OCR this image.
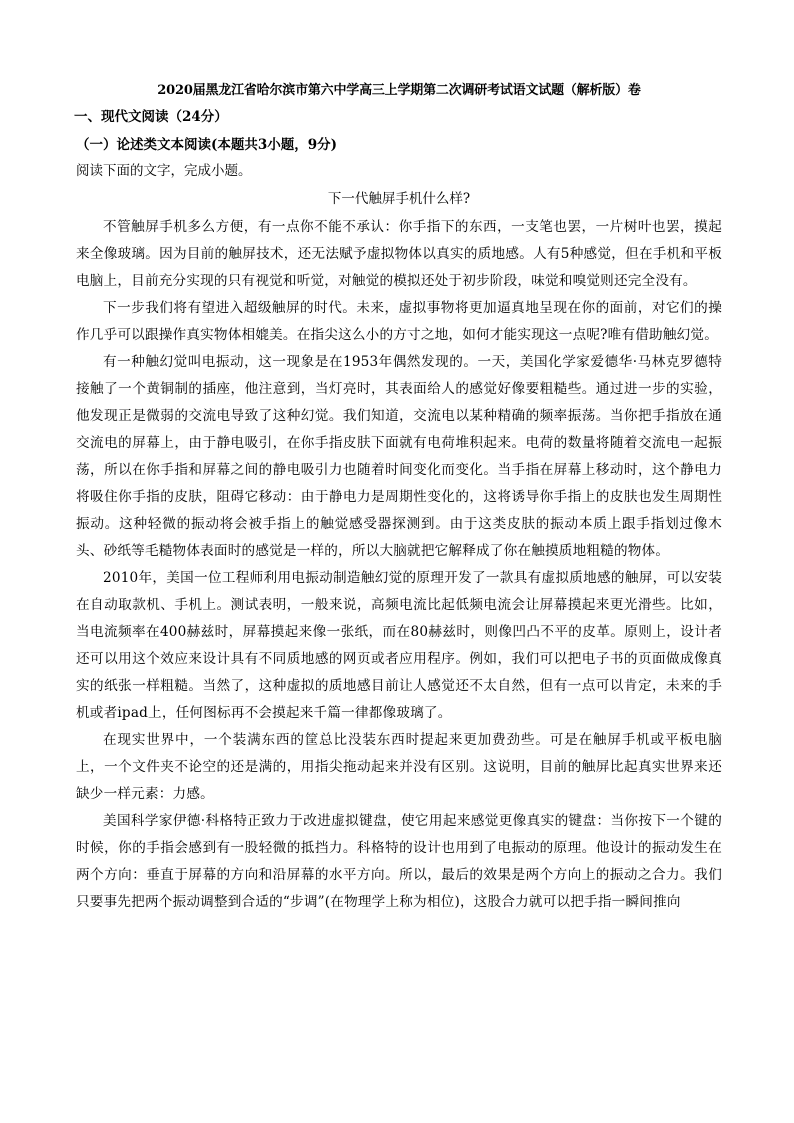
2020届黑龙江省哈尔滨市第六中学高三上学期第二次调研考试语文试题（解析版）卷
一、现代文阅读（24分）
（一）论述类文本阅读(本题共3小题，9分)
阅读下面的文字，完成小题。
下一代触屏手机什么样?

不管触屏手机多么方便，有一点你不能不承认：你手指下的东西，一支笔也罢，一片树叶也罢，摸起来全像玻璃。因为目前的触屏技术，还无法赋予虚拟物体以真实的质地感。人有5种感觉，但在手机和平板电脑上，目前充分实现的只有视觉和听觉，对触觉的模拟还处于初步阶段，味觉和嗅觉则还完全没有。

下一步我们将有望进入超级触屏的时代。未来，虚拟事物将更加逼真地呈现在你的面前，对它们的操作几乎可以跟操作真实物体相媲美。在指尖这么小的方寸之地，如何才能实现这一点呢?唯有借助触幻觉。

有一种触幻觉叫电振动，这一现象是在1953年偶然发现的。一天，美国化学家爱德华·马林克罗德特接触了一个黄铜制的插座，他注意到，当灯亮时，其表面给人的感觉好像要粗糙些。通过进一步的实验，他发现正是微弱的交流电导致了这种幻觉。我们知道，交流电以某种精确的频率振荡。当你把手指放在通交流电的屏幕上，由于静电吸引，在你手指皮肤下面就有电荷堆积起来。电荷的数量将随着交流电一起振荡，所以在你手指和屏幕之间的静电吸引力也随着时间变化而变化。当手指在屏幕上移动时，这个静电力将吸住你手指的皮肤，阻碍它移动：由于静电力是周期性变化的，这将诱导你手指上的皮肤也发生周期性振动。这种轻微的振动将会被手指上的触觉感受器探测到。由于这类皮肤的振动本质上跟手指划过像木头、砂纸等毛糙物体表面时的感觉是一样的，所以大脑就把它解释成了你在触摸质地粗糙的物体。

2010年，美国一位工程师利用电振动制造触幻觉的原理开发了一款具有虚拟质地感的触屏，可以安装在自动取款机、手机上。测试表明，一般来说，高频电流比起低频电流会让屏幕摸起来更光滑些。比如，当电流频率在400赫兹时，屏幕摸起来像一张纸，而在80赫兹时，则像凹凸不平的皮革。原则上，设计者还可以用这个效应来设计具有不同质地感的网页或者应用程序。例如，我们可以把电子书的页面做成像真实的纸张一样粗糙。当然了，这种虚拟的质地感目前让人感觉还不太自然，但有一点可以肯定，未来的手机或者ipad上，任何图标再不会摸起来千篇一律都像玻璃了。

在现实世界中，一个装满东西的筐总比没装东西时提起来更加费劲些。可是在触屏手机或平板电脑上，一个文件夹不论空的还是满的，用指尖拖动起来并没有区别。这说明，目前的触屏比起真实世界来还缺少一样元素：力感。

美国科学家伊德·科格特正致力于改进虚拟键盘，使它用起来感觉更像真实的键盘：当你按下一个键的时候，你的手指会感到有一股轻微的抵挡力。科格特的设计也用到了电振动的原理。他设计的振动发生在两个方向：垂直于屏幕的方向和沿屏幕的水平方向。所以，最后的效果是两个方向上的振动之合力。我们只要事先把两个振动调整到合适的“步调”(在物理学上称为相位)，这股合力就可以把手指一瞬间推向
